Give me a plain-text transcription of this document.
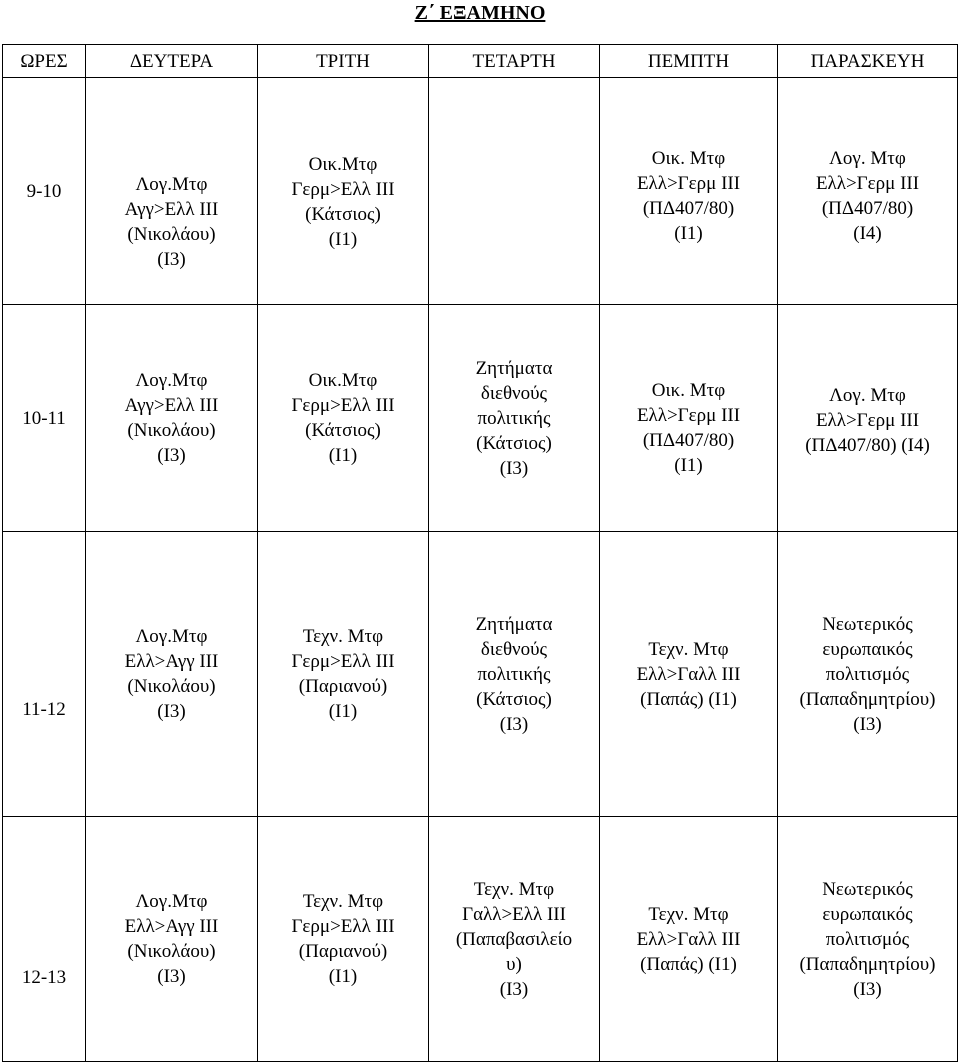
Ζ΄ ΕΞΑΜΗΝΟ
ΩΡΕΣ	ΔΕΥΤΕΡΑ	ΤΡΙΤΗ	ΤΕΤΑΡΤΗ	ΠΕΜΠΤΗ	ΠΑΡΑΣΚΕΥΗ

9-10	Λογ.Μτφ
Αγγ>Ελλ ΙΙΙ
(Νικολάου)
(Ι3)	Οικ.Μτφ
Γερμ>Ελλ ΙΙΙ
(Κάτσιος)
(Ι1)		Οικ. Μτφ
Ελλ>Γερμ ΙΙΙ
(ΠΔ407/80)
(Ι1)	Λογ. Μτφ
Ελλ>Γερμ ΙΙΙ
(ΠΔ407/80)
(Ι4)

10-11	Λογ.Μτφ
Αγγ>Ελλ ΙΙΙ
(Νικολάου)
(Ι3)	Οικ.Μτφ
Γερμ>Ελλ ΙΙΙ
(Κάτσιος)
(Ι1)	Ζητήματα
διεθνούς
πολιτικής
(Κάτσιος)
(Ι3)	Οικ. Μτφ
Ελλ>Γερμ ΙΙΙ
(ΠΔ407/80)
(Ι1)	Λογ. Μτφ
Ελλ>Γερμ ΙΙΙ
(ΠΔ407/80) (Ι4)

11-12	Λογ.Μτφ
Ελλ>Αγγ ΙΙΙ
(Νικολάου)
(Ι3)	Τεχν. Μτφ
Γερμ>Ελλ ΙΙΙ
(Παριανού)
(Ι1)	Ζητήματα
διεθνούς
πολιτικής
(Κάτσιος)
(Ι3)	Τεχν. Μτφ
Ελλ>Γαλλ ΙΙΙ
(Παπάς) (Ι1)	Νεωτερικός
ευρωπαικός
πολιτισμός
(Παπαδημητρίου)
(Ι3)

12-13	Λογ.Μτφ
Ελλ>Αγγ ΙΙΙ
(Νικολάου)
(Ι3)	Τεχν. Μτφ
Γερμ>Ελλ ΙΙΙ
(Παριανού)
(Ι1)	Τεχν. Μτφ
Γαλλ>Ελλ ΙΙΙ
(Παπαβασιλείο
υ)
(Ι3)	Τεχν. Μτφ
Ελλ>Γαλλ ΙΙΙ
(Παπάς) (Ι1)	Νεωτερικός
ευρωπαικός
πολιτισμός
(Παπαδημητρίου)
(Ι3)
